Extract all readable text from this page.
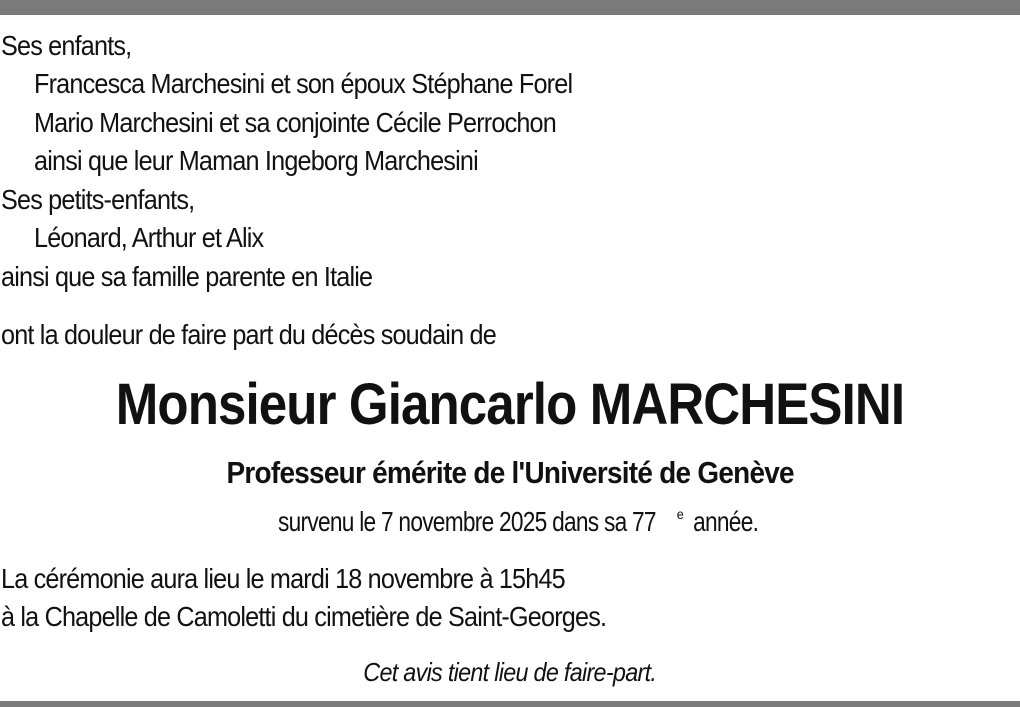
Ses enfants,
Francesca Marchesini et son époux Stéphane Forel
Mario Marchesini et sa conjointe Cécile Perrochon
ainsi que leur Maman Ingeborg Marchesini
Ses petits-enfants,
Léonard, Arthur et Alix
ainsi que sa famille parente en Italie
ont la douleur de faire part du décès soudain de
Monsieur Giancarlo MARCHESINI
Professeur émérite de l'Université de Genève
survenu le 7 novembre 2025 dans sa 77 $^e$ année.
La cérémonie aura lieu le mardi 18 novembre à 15h45
à la Chapelle de Camoletti du cimetière de Saint-Georges.
Cet avis tient lieu de faire-part.
